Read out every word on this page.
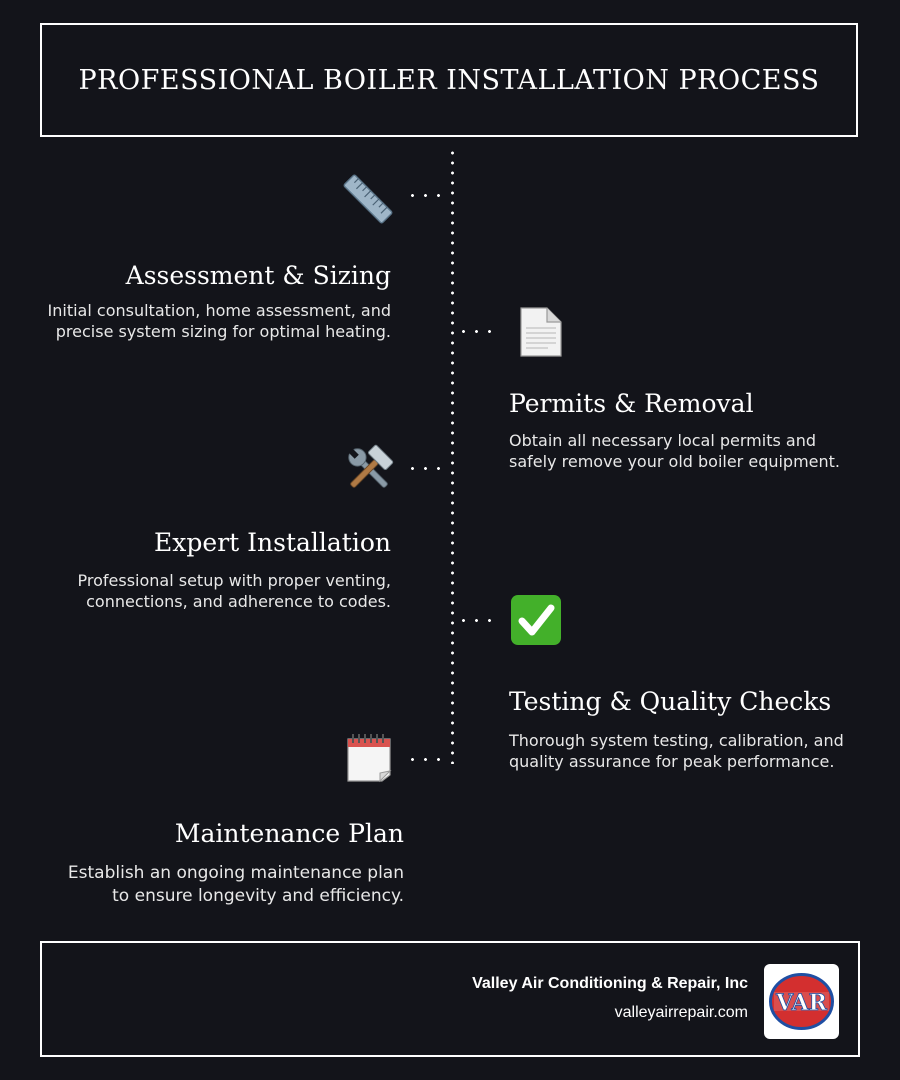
PROFESSIONAL BOILER INSTALLATION PROCESS
Assessment & Sizing
Initial consultation, home assessment, and
precise system sizing for optimal heating.
Permits & Removal
Obtain all necessary local permits and
safely remove your old boiler equipment.
Expert Installation
Professional setup with proper venting,
connections, and adherence to codes.
Testing & Quality Checks
Thorough system testing, calibration, and
quality assurance for peak performance.
Maintenance Plan
Establish an ongoing maintenance plan
to ensure longevity and efficiency.
Valley Air Conditioning & Repair, Inc
valleyairrepair.com VAR
